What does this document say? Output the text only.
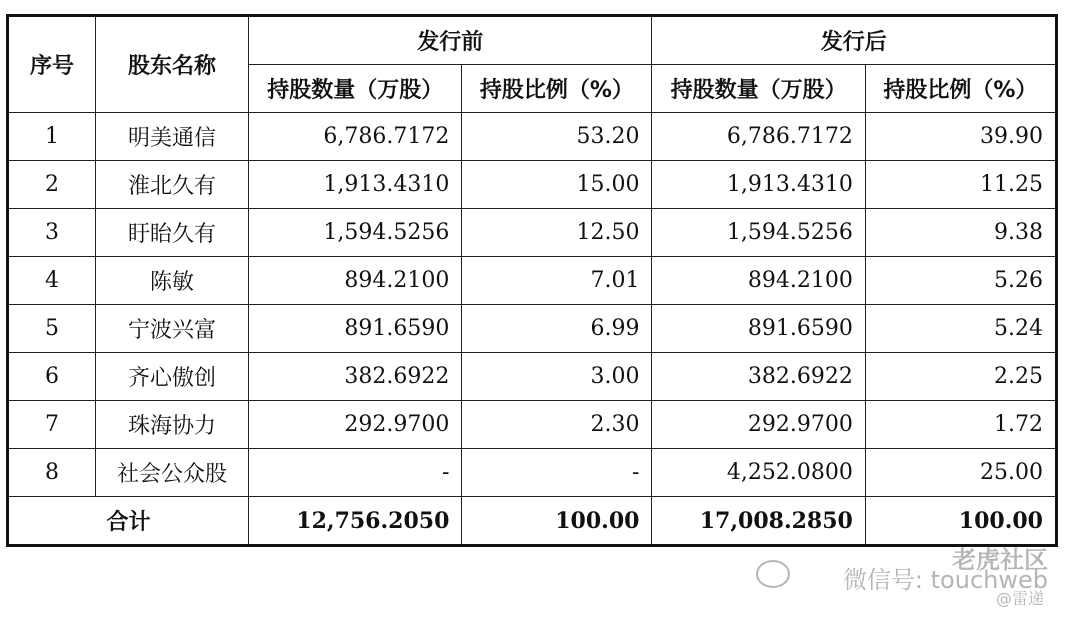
序号	股东名称	发行前		发行后	
		持股数量（万股）	持股比例（%）	持股数量（万股）	持股比例（%）
1	明美通信	6,786.7172	53.20	6,786.7172	39.90
2	淮北久有	1,913.4310	15.00	1,913.4310	11.25
3	盱眙久有	1,594.5256	12.50	1,594.5256	9.38
4	陈敏	894.2100	7.01	894.2100	5.26
5	宁波兴富	891.6590	6.99	891.6590	5.24
6	齐心傲创	382.6922	3.00	382.6922	2.25
7	珠海协力	292.9700	2.30	292.9700	1.72
8	社会公众股	-	-	4,252.0800	25.00
合计		12,756.2050	100.00	17,008.2850	100.00
老虎社区
微信号: touchweb
@雷递
